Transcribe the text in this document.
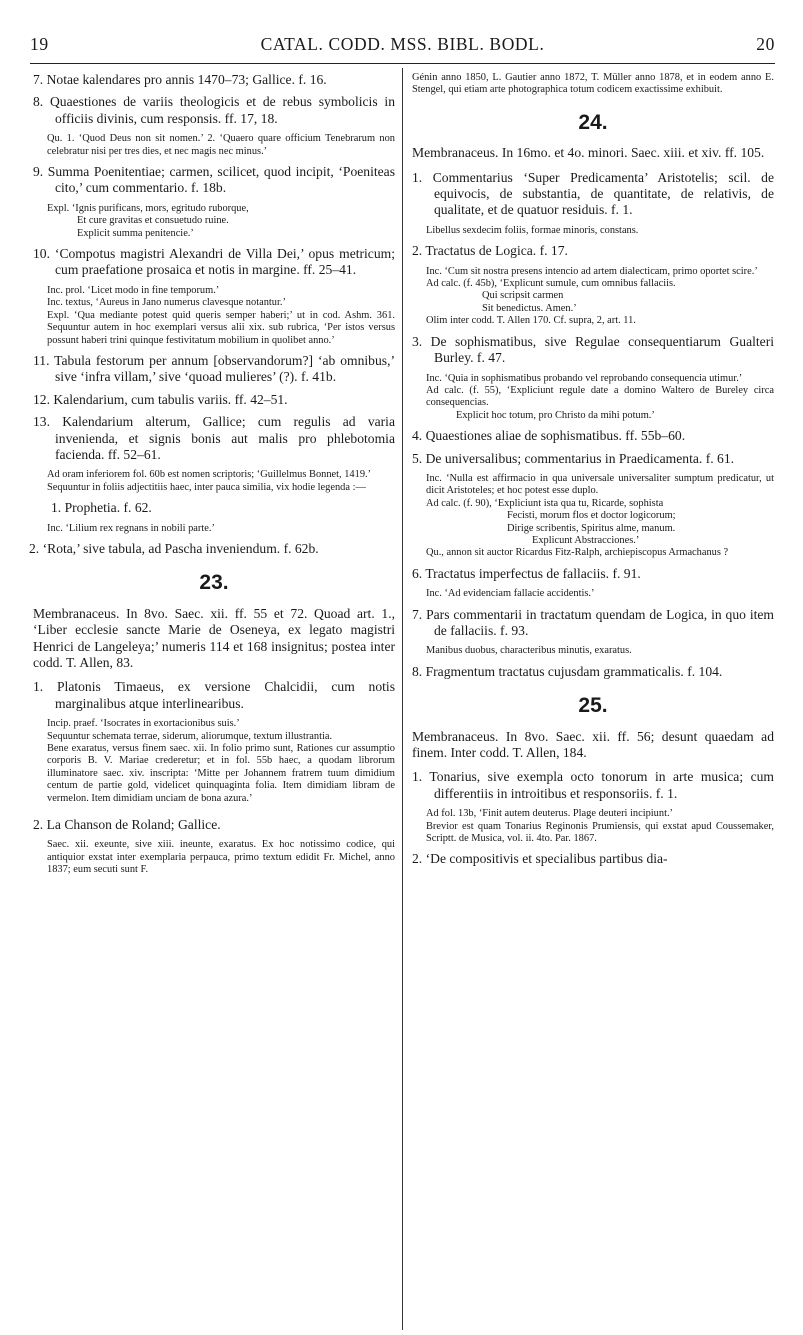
19	CATAL. CODD. MSS. BIBL. BODL.	20
7. Notae kalendares pro annis 1470–73; Gallice. f. 16.
8. Quaestiones de variis theologicis et de rebus symbolicis in officiis divinis, cum responsis. ff. 17, 18.

Qu. 1. ‘Quod Deus non sit nomen.’ 2. ‘Quaero quare officium Tenebrarum non celebratur nisi per tres dies, et nec magis nec minus.’

9. Summa Poenitentiae; carmen, scilicet, quod incipit, ‘Poeniteas cito,’ cum commentario. f. 18b.

Expl. ‘Ignis purificans, mors, egritudo ruborque,

Et cure gravitas et consuetudo ruine.

Explicit summa penitencie.’

10. ‘Compotus magistri Alexandri de Villa Dei,’ opus metricum; cum praefatione prosaica et notis in margine. ff. 25–41.

Inc. prol. ‘Licet modo in fine temporum.’

Inc. textus, ‘Aureus in Jano numerus clavesque notantur.’

Expl. ‘Qua mediante potest quid queris semper haberi;’ ut in cod. Ashm. 361. Sequuntur autem in hoc exemplari versus alii xix. sub rubrica, ‘Per istos versus possunt haberi trini quinque festivitatum mobilium in quolibet anno.’

11. Tabula festorum per annum [observandorum?] ‘ab omnibus,’ sive ‘infra villam,’ sive ‘quoad mulieres’ (?). f. 41b.
12. Kalendarium, cum tabulis variis. ff. 42–51.
13. Kalendarium alterum, Gallice; cum regulis ad varia invenienda, et signis bonis aut malis pro phlebotomia facienda. ff. 52–61.

Ad oram inferiorem fol. 60b est nomen scriptoris; ‘Guillelmus Bonnet, 1419.’

Sequuntur in foliis adjectitiis haec, inter pauca similia, vix hodie legenda :—

1. Prophetia. f. 62.

Inc. ‘Lilium rex regnans in nobili parte.’

2. ‘Rota,’ sive tabula, ad Pascha inveniendum. f. 62b.
23.
Membranaceus. In 8vo. Saec. xii. ff. 55 et 72. Quoad art. 1., ‘Liber ecclesie sancte Marie de Oseneya, ex legato magistri Henrici de Langeleya;’ numeris 114 et 168 insignitus; postea inter codd. T. Allen, 83.
1. Platonis Timaeus, ex versione Chalcidii, cum notis marginalibus atque interlinearibus.

Incip. praef. ‘Isocrates in exortacionibus suis.’

Sequuntur schemata terrae, siderum, aliorumque, textum illustrantia.

Bene exaratus, versus finem saec. xii. In folio primo sunt, Rationes cur assumptio corporis B. V. Mariae crederetur; et in fol. 55b haec, a quodam librorum illuminatore saec. xiv. inscripta: ‘Mitte per Johannem fratrem tuum dimidium centum de partie gold, videlicet quinquaginta folia. Item dimidiam libram de vermelon. Item dimidiam unciam de bona azura.’

2. La Chanson de Roland; Gallice.

Saec. xii. exeunte, sive xiii. ineunte, exaratus. Ex hoc notissimo codice, qui antiquior exstat inter exemplaria perpauca, primo textum edidit Fr. Michel, anno 1837; eum secuti sunt F.

Génin anno 1850, L. Gautier anno 1872, T. Müller anno 1878, et in eodem anno E. Stengel, qui etiam arte photographica totum codicem exactissime exhibuit.

24.
Membranaceus. In 16mo. et 4o. minori. Saec. xiii. et xiv. ff. 105.
1. Commentarius ‘Super Predicamenta’ Aristotelis; scil. de equivocis, de substantia, de quantitate, de relativis, de qualitate, et de quatuor residuis. f. 1.

Libellus sexdecim foliis, formae minoris, constans.

2. Tractatus de Logica. f. 17.

Inc. ‘Cum sit nostra presens intencio ad artem dialecticam, primo oportet scire.’

Ad calc. (f. 45b), ‘Explicunt sumule, cum omnibus fallaciis.

Qui scripsit carmen

Sit benedictus. Amen.’

Olim inter codd. T. Allen 170. Cf. supra, 2, art. 11.

3. De sophismatibus, sive Regulae consequentiarum Gualteri Burley. f. 47.

Inc. ‘Quia in sophismatibus probando vel reprobando consequencia utimur.’

Ad calc. (f. 55), ‘Expliciunt regule date a domino Waltero de Bureley circa consequencias.

Explicit hoc totum, pro Christo da mihi potum.’

4. Quaestiones aliae de sophismatibus. ff. 55b–60.
5. De universalibus; commentarius in Praedicamenta. f. 61.

Inc. ‘Nulla est affirmacio in qua universale universaliter sumptum predicatur, ut dicit Aristoteles; et hoc potest esse duplo.

Ad calc. (f. 90), ‘Expliciunt ista qua tu, Ricarde, sophista

Fecisti, morum flos et doctor logicorum;

Dirige scribentis, Spiritus alme, manum.

Explicunt Abstracciones.’

Qu., annon sit auctor Ricardus Fitz-Ralph, archiepiscopus Armachanus ?

6. Tractatus imperfectus de fallaciis. f. 91.

Inc. ‘Ad evidenciam fallacie accidentis.’

7. Pars commentarii in tractatum quendam de Logica, in quo item de fallaciis. f. 93.

Manibus duobus, characteribus minutis, exaratus.

8. Fragmentum tractatus cujusdam grammaticalis. f. 104.
25.
Membranaceus. In 8vo. Saec. xii. ff. 56; desunt quaedam ad finem. Inter codd. T. Allen, 184.
1. Tonarius, sive exempla octo tonorum in arte musica; cum differentiis in introitibus et responsoriis. f. 1.

Ad fol. 13b, ‘Finit autem deuterus. Plage deuteri incipiunt.’

Brevior est quam Tonarius Reginonis Prumiensis, qui exstat apud Coussemaker, Scriptt. de Musica, vol. ii. 4to. Par. 1867.

2. ‘De compositivis et specialibus partibus dia-
